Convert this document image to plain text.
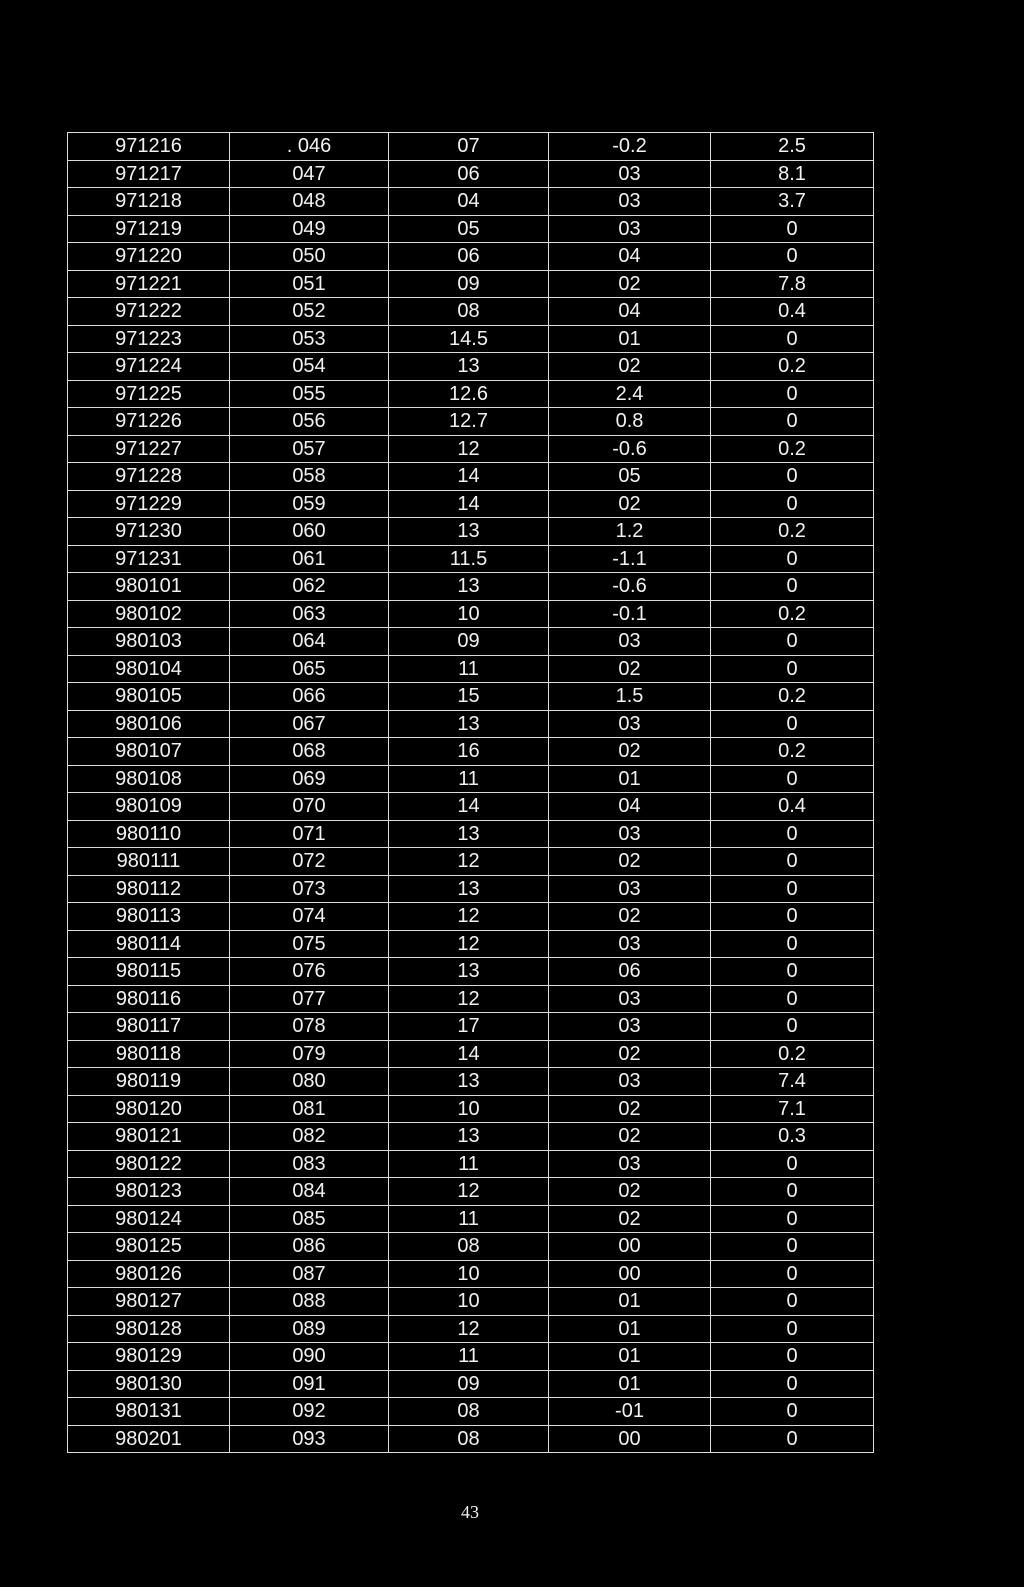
971216	. 046	07	-0.2	2.5
971217	047	06	03	8.1
971218	048	04	03	3.7
971219	049	05	03	0
971220	050	06	04	0
971221	051	09	02	7.8
971222	052	08	04	0.4
971223	053	14.5	01	0
971224	054	13	02	0.2
971225	055	12.6	2.4	0
971226	056	12.7	0.8	0
971227	057	12	-0.6	0.2
971228	058	14	05	0
971229	059	14	02	0
971230	060	13	1.2	0.2
971231	061	11.5	-1.1	0
980101	062	13	-0.6	0
980102	063	10	-0.1	0.2
980103	064	09	03	0
980104	065	11	02	0
980105	066	15	1.5	0.2
980106	067	13	03	0
980107	068	16	02	0.2
980108	069	11	01	0
980109	070	14	04	0.4
980110	071	13	03	0
980111	072	12	02	0
980112	073	13	03	0
980113	074	12	02	0
980114	075	12	03	0
980115	076	13	06	0
980116	077	12	03	0
980117	078	17	03	0
980118	079	14	02	0.2
980119	080	13	03	7.4
980120	081	10	02	7.1
980121	082	13	02	0.3
980122	083	11	03	0
980123	084	12	02	0
980124	085	11	02	0
980125	086	08	00	0
980126	087	10	00	0
980127	088	10	01	0
980128	089	12	01	0
980129	090	11	01	0
980130	091	09	01	0
980131	092	08	-01	0
980201	093	08	00	0
43
